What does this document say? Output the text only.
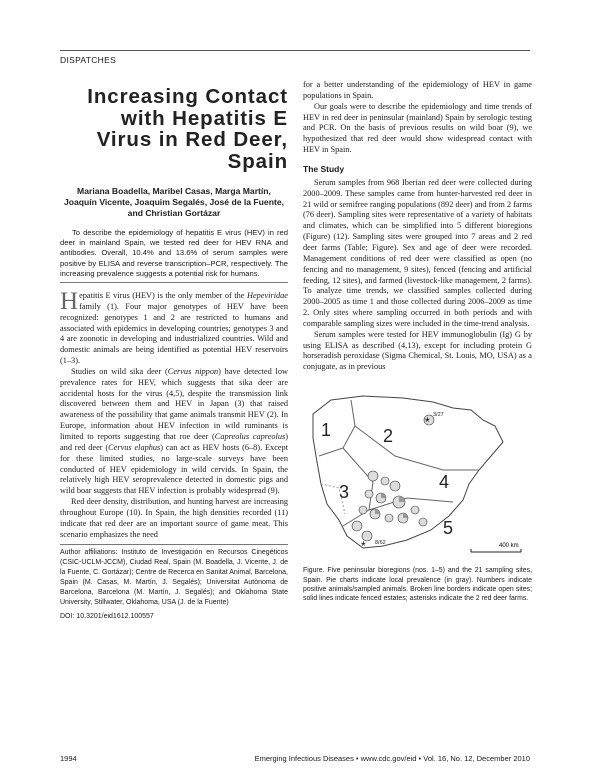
DISPATCHES
Increasing Contact with Hepatitis E Virus in Red Deer, Spain
Mariana Boadella, Maribel Casas, Marga Martín, Joaquín Vicente, Joaquim Segalés, José de la Fuente, and Christian Gortázar
To describe the epidemiology of hepatitis E virus (HEV) in red deer in mainland Spain, we tested red deer for HEV RNA and antibodies. Overall, 10.4% and 13.6% of serum samples were positive by ELISA and reverse transcription–PCR, respectively. The increasing prevalence suggests a potential risk for humans.

Hepatitis E virus (HEV) is the only member of the Hepeviridae family (1). Four major genotypes of HEV have been recognized: genotypes 1 and 2 are restricted to humans and associated with epidemics in developing countries; genotypes 3 and 4 are zoonotic in developing and industrialized countries. Wild and domestic animals are being identified as potential HEV reservoirs (1–3).

Studies on wild sika deer (Cervus nippon) have detected low prevalence rates for HEV, which suggests that sika deer are accidental hosts for the virus (4,5), despite the transmission link discovered between them and HEV in Japan (3) that raised awareness of the possibility that game animals transmit HEV (2). In Europe, information about HEV infection in wild ruminants is limited to reports suggesting that roe deer (Capreolus capreolus) and red deer (Cervus elaphus) can act as HEV hosts (6–8). Except for these limited studies, no large-scale surveys have been conducted of HEV epidemiology in wild cervids. In Spain, the relatively high HEV seroprevalence detected in domestic pigs and wild boar suggests that HEV infection is probably widespread (9).

Red deer density, distribution, and hunting harvest are increasing throughout Europe (10). In Spain, the high densities recorded (11) indicate that red deer are an important source of game meat. This scenario emphasizes the need

Author affiliations: Instituto de Investigación en Recursos Cinegéticos (CSIC-UCLM-JCCM), Ciudad Real, Spain (M. Boadella, J. Vicente, J. de la Fuente, C. Gortázar); Centre de Recerca en Sanitat Animal, Barcelona, Spain (M. Casas, M. Martín, J. Segalés); Universitat Autònoma de Barcelona, Barcelona (M. Martín, J. Segalés); and Oklahoma State University, Stillwater, Oklahoma, USA (J. de la Fuente)
DOI: 10.3201/eid1612.100557

for a better understanding of the epidemiology of HEV in game populations in Spain.

Our goals were to describe the epidemiology and time trends of HEV in red deer in peninsular (mainland) Spain by serologic testing and PCR. On the basis of previous results on wild boar (9), we hypothesized that red deer would show widespread contact with HEV in Spain.

The Study

Serum samples from 968 Iberian red deer were collected during 2000–2009. These samples came from hunter-harvested red deer in 21 wild or semifree ranging populations (892 deer) and from 2 farms (76 deer). Sampling sites were representative of a variety of habitats and climates, which can be simplified into 5 different bioregions (Figure) (12). Sampling sites were grouped into 7 areas and 2 red deer farms (Table; Figure). Sex and age of deer were recorded. Management conditions of red deer were classified as open (no fencing and no management, 9 sites), fenced (fencing and artificial feeding, 12 sites), and farmed (livestock-like management, 2 farms). To analyze time trends, we classified samples collected during 2000–2005 as time 1 and those collected during 2006–2009 as time 2. Only sites where sampling occurred in both periods and with comparable sampling sizes were included in the time-trend analysis.

Serum samples were tested for HEV immunoglobulin (Ig) G by using ELISA as described (4,13), except for including protein G horseradish peroxidase (Sigma Chemical, St. Louis, MO, USA) as a conjugate, as in previous

1	2
3	4
5
3/27
8/62
*
*	400 km
Figure. Five peninsular bioregions (nos. 1–5) and the 21 sampling sites, Spain. Pie charts indicate local prevalence (in gray). Numbers indicate positive animals/sampled animals. Broken line borders indicate open sites; solid lines indicate fenced estates; asterisks indicate the 2 red deer farms.
1994	Emerging Infectious Diseases • www.cdc.gov/eid • Vol. 16, No. 12, December 2010
